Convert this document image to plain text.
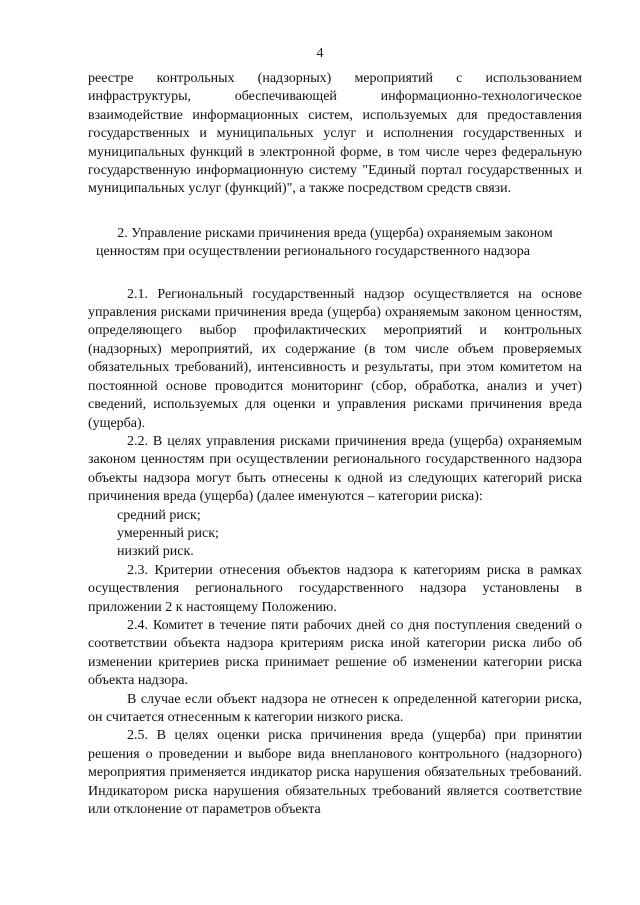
4

реестре контрольных (надзорных) мероприятий с использованием инфраструктуры, обеспечивающей информационно-технологическое взаимодействие информационных систем, используемых для предоставления государственных и муниципальных услуг и исполнения государственных и муниципальных функций в электронной форме, в том числе через федеральную государственную информационную систему "Единый портал государственных и муниципальных услуг (функций)", а также посредством средств связи.

2. Управление рисками причинения вреда (ущерба) охраняемым законом ценностям при осуществлении регионального государственного надзора

2.1. Региональный государственный надзор осуществляется на основе управления рисками причинения вреда (ущерба) охраняемым законом ценностям, определяющего выбор профилактических мероприятий и контрольных (надзорных) мероприятий, их содержание (в том числе объем проверяемых обязательных требований), интенсивность и результаты, при этом комитетом на постоянной основе проводится мониторинг (сбор, обработка, анализ и учет) сведений, используемых для оценки и управления рисками причинения вреда (ущерба).

2.2. В целях управления рисками причинения вреда (ущерба) охраняемым законом ценностям при осуществлении регионального государственного надзора объекты надзора могут быть отнесены к одной из следующих категорий риска причинения вреда (ущерба) (далее именуются – категории риска):

средний риск;

умеренный риск;

низкий риск.

2.3. Критерии отнесения объектов надзора к категориям риска в рамках осуществления регионального государственного надзора установлены в приложении 2 к настоящему Положению.

2.4. Комитет в течение пяти рабочих дней со дня поступления сведений о соответствии объекта надзора критериям риска иной категории риска либо об изменении критериев риска принимает решение об изменении категории риска объекта надзора.

В случае если объект надзора не отнесен к определенной категории риска, он считается отнесенным к категории низкого риска.

2.5. В целях оценки риска причинения вреда (ущерба) при принятии решения о проведении и выборе вида внепланового контрольного (надзорного) мероприятия применяется индикатор риска нарушения обязательных требований. Индикатором риска нарушения обязательных требований является соответствие или отклонение от параметров объекта
